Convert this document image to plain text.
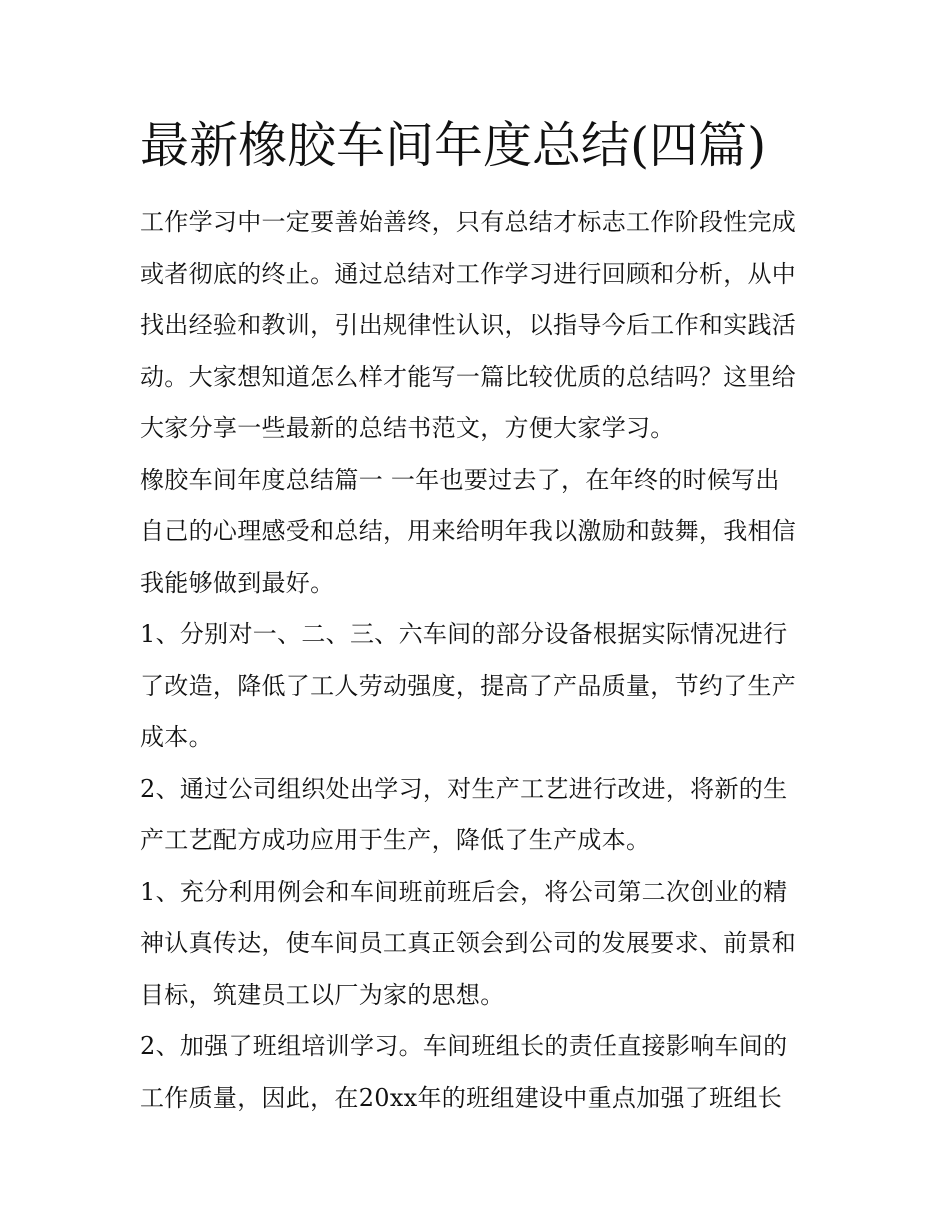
最新橡胶车间年度总结(四篇)
工作学习中一定要善始善终，只有总结才标志工作阶段性完成
或者彻底的终止。通过总结对工作学习进行回顾和分析，从中
找出经验和教训，引出规律性认识，以指导今后工作和实践活
动。大家想知道怎么样才能写一篇比较优质的总结吗？这里给
大家分享一些最新的总结书范文，方便大家学习。
橡胶车间年度总结篇一 一年也要过去了，在年终的时候写出
自己的心理感受和总结，用来给明年我以激励和鼓舞，我相信
我能够做到最好。
1、分别对一、二、三、六车间的部分设备根据实际情况进行
了改造，降低了工人劳动强度，提高了产品质量，节约了生产
成本。
2、通过公司组织处出学习，对生产工艺进行改进，将新的生
产工艺配方成功应用于生产，降低了生产成本。
1、充分利用例会和车间班前班后会，将公司第二次创业的精
神认真传达，使车间员工真正领会到公司的发展要求、前景和
目标，筑建员工以厂为家的思想。
2、加强了班组培训学习。车间班组长的责任直接影响车间的
工作质量，因此，在20xx年的班组建设中重点加强了班组长
